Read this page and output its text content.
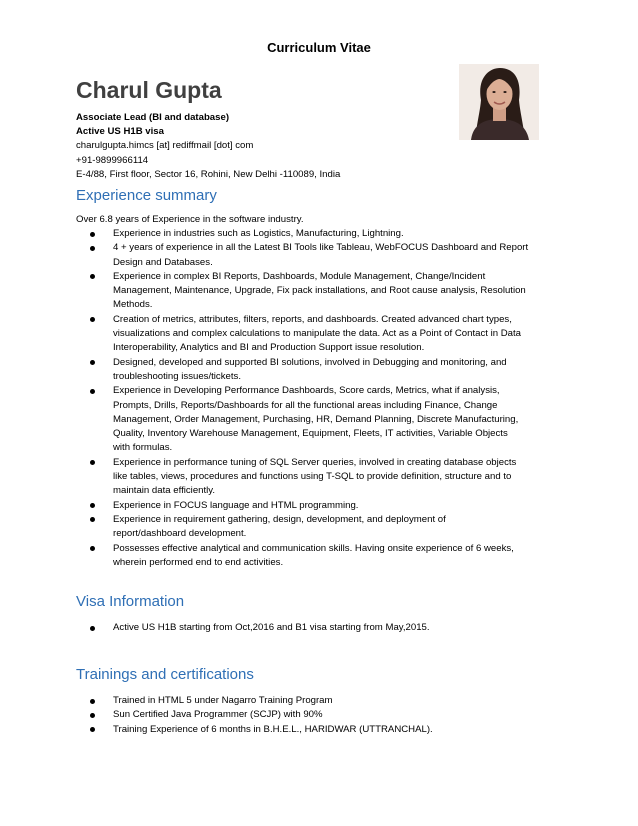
Curriculum Vitae
Charul Gupta
Associate Lead (BI and database)
Active US H1B visa
charulgupta.himcs [at] rediffmail [dot] com
+91-9899966114
E-4/88, First floor, Sector 16, Rohini, New Delhi -110089, India
Experience summary
Over 6.8 years of Experience in the software industry.
Experience in industries such as Logistics, Manufacturing, Lightning.
4 + years of experience in all the Latest BI Tools like Tableau, WebFOCUS Dashboard and Report
Design and Databases.
Experience in complex BI Reports, Dashboards, Module Management, Change/Incident
Management, Maintenance, Upgrade, Fix pack installations, and Root cause analysis, Resolution
Methods.
Creation of metrics, attributes, filters, reports, and dashboards. Created advanced chart types,
visualizations and complex calculations to manipulate the data. Act as a Point of Contact in Data
Interoperability, Analytics and BI and Production Support issue resolution.
Designed, developed and supported BI solutions, involved in Debugging and monitoring, and
troubleshooting issues/tickets.
Experience in Developing Performance Dashboards, Score cards, Metrics, what if analysis,
Prompts, Drills, Reports/Dashboards for all the functional areas including Finance, Change
Management, Order Management, Purchasing, HR, Demand Planning, Discrete Manufacturing,
Quality, Inventory Warehouse Management, Equipment, Fleets, IT activities, Variable Objects
with formulas.
Experience in performance tuning of SQL Server queries, involved in creating database objects
like tables, views, procedures and functions using T-SQL to provide definition, structure and to
maintain data efficiently.
Experience in FOCUS language and HTML programming.
Experience in requirement gathering, design, development, and deployment of
report/dashboard development.
Possesses effective analytical and communication skills. Having onsite experience of 6 weeks,
wherein performed end to end activities.
Visa Information
Active US H1B starting from Oct,2016 and B1 visa starting from May,2015.
Trainings and certifications
Trained in HTML 5 under Nagarro Training Program
Sun Certified Java Programmer (SCJP) with 90%
Training Experience of 6 months in B.H.E.L., HARIDWAR (UTTRANCHAL).
